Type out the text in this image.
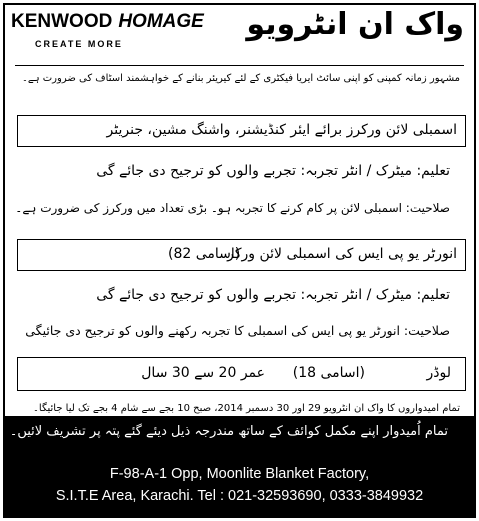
KENWOOD HOMAGE
CREATE MORE
واک ان انٹرویو
مشہور زمانہ کمپنی کو اپنی سائٹ ایریا فیکٹری کے لئے کیریئر بنانے کے خواہشمند اسٹاف کی ضرورت ہے۔
اسمبلی لائن ورکرز برائے ایئر کنڈیشنر، واشنگ مشین، جنریٹر
تعلیم: میٹرک / انٹر تجربہ: تجربے والوں کو ترجیح دی جائے گی
صلاحیت: اسمبلی لائن پر کام کرنے کا تجربہ ہو۔ بڑی تعداد میں ورکرز کی ضرورت ہے۔
انورٹر یو پی ایس کی اسمبلی لائن ورکر
(اسامی 82)
تعلیم: میٹرک / انٹر تجربہ: تجربے والوں کو ترجیح دی جائے گی
صلاحیت: انورٹر یو پی ایس کی اسمبلی کا تجربہ رکھنے والوں کو ترجیح دی جائیگی
لوڈر
(اسامی 18)
عمر 20 سے 30 سال
تمام امیدواروں کا واک ان انٹرویو 29 اور 30 دسمبر 2014، صبح 10 بجے سے شام 4 بجے تک لیا جائیگا۔
تمام اُمیدوار اپنے مکمل کوائف کے ساتھ مندرجہ ذیل دیئے گئے پتہ پر تشریف لائیں۔
F-98-A-1 Opp, Moonlite Blanket Factory,
S.I.T.E Area, Karachi. Tel : 021-32593690, 0333-3849932
